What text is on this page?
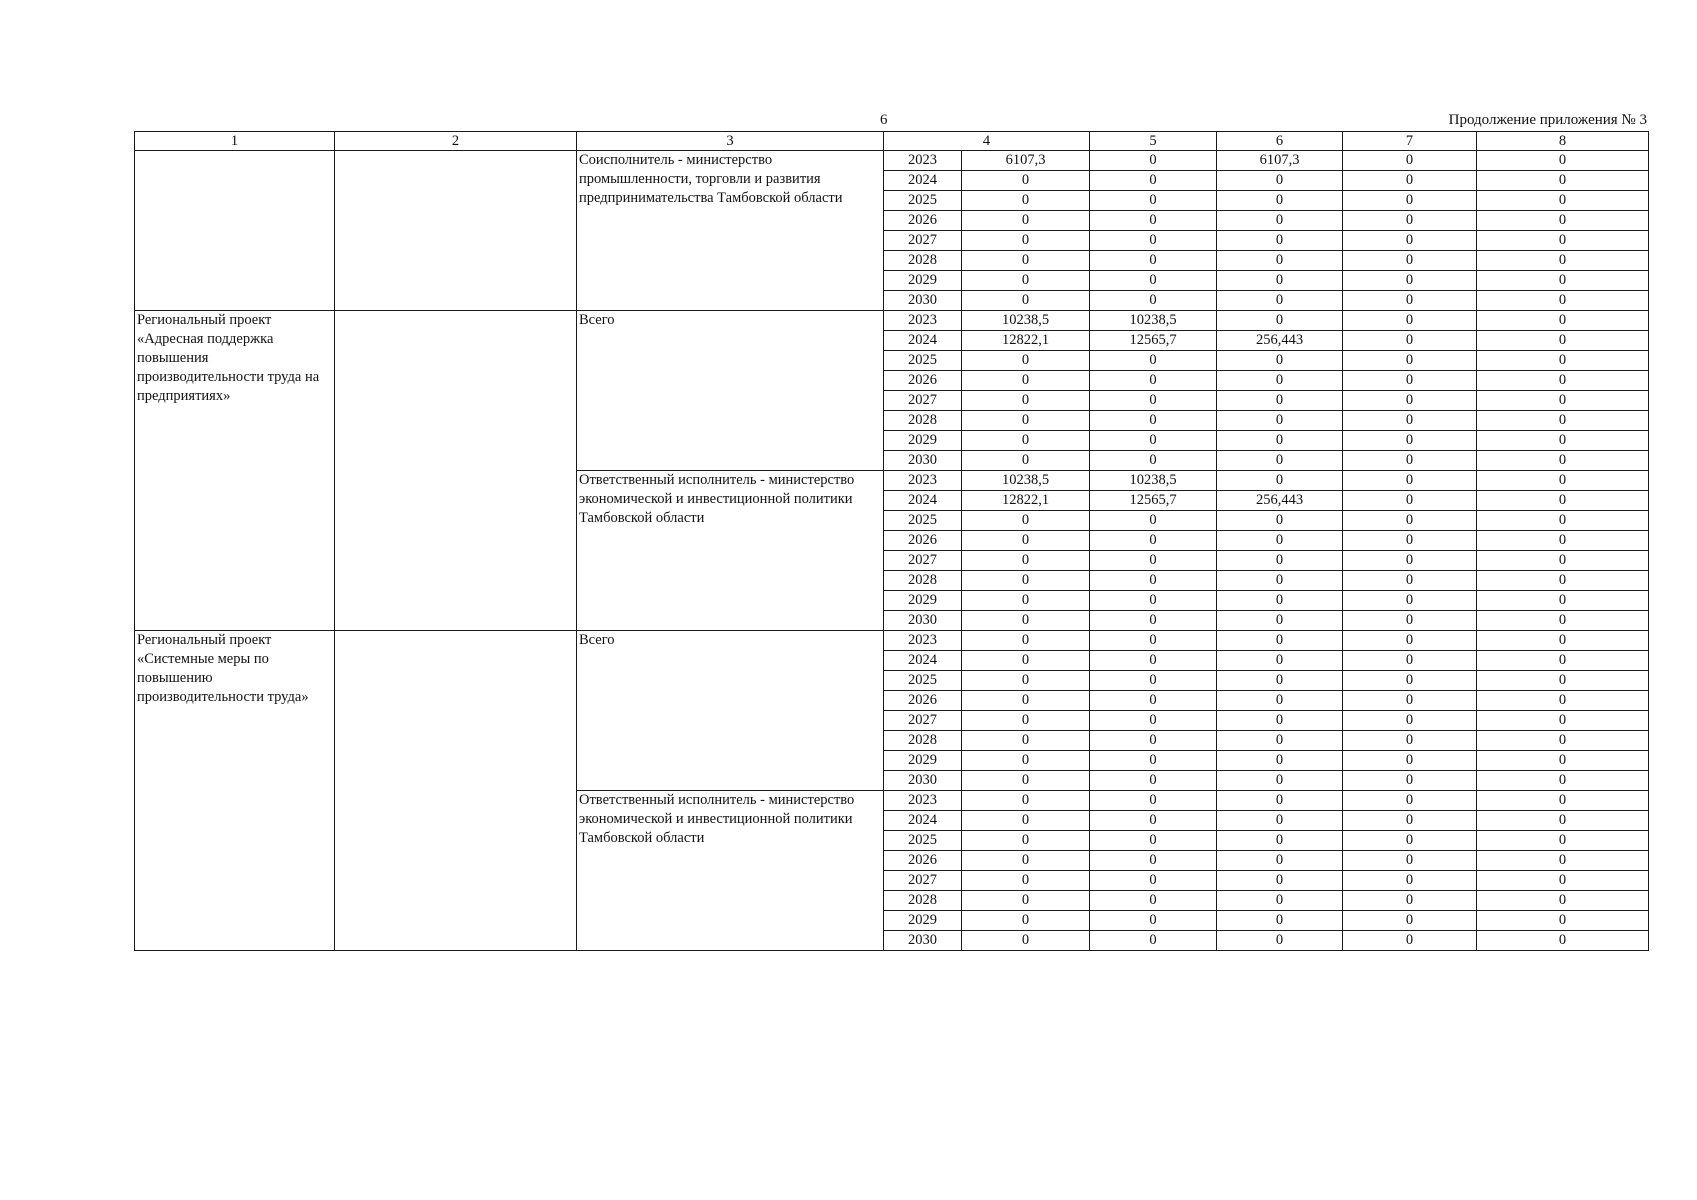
6	Продолжение приложения № 3
1	2	3	4		5	6	7	8
		Соисполнитель - министерство промышленности, торговли и развития предпринимательства Тамбовской области	2023	6107,3	0	6107,3	0	0
			2024	0	0	0	0	0
			2025	0	0	0	0	0
			2026	0	0	0	0	0
			2027	0	0	0	0	0
			2028	0	0	0	0	0
			2029	0	0	0	0	0
			2030	0	0	0	0	0
Региональный проект «Адресная поддержка повышения производительности труда на предприятиях»		Всего	2023	10238,5	10238,5	0	0	0
			2024	12822,1	12565,7	256,443	0	0
			2025	0	0	0	0	0
			2026	0	0	0	0	0
			2027	0	0	0	0	0
			2028	0	0	0	0	0
			2029	0	0	0	0	0
			2030	0	0	0	0	0
		Ответственный исполнитель - министерство экономической и инвестиционной политики Тамбовской области	2023	10238,5	10238,5	0	0	0
			2024	12822,1	12565,7	256,443	0	0
			2025	0	0	0	0	0
			2026	0	0	0	0	0
			2027	0	0	0	0	0
			2028	0	0	0	0	0
			2029	0	0	0	0	0
			2030	0	0	0	0	0
Региональный проект «Системные меры по повышению производительности труда»		Всего	2023	0	0	0	0	0
			2024	0	0	0	0	0
			2025	0	0	0	0	0
			2026	0	0	0	0	0
			2027	0	0	0	0	0
			2028	0	0	0	0	0
			2029	0	0	0	0	0
			2030	0	0	0	0	0
		Ответственный исполнитель - министерство экономической и инвестиционной политики Тамбовской области	2023	0	0	0	0	0
			2024	0	0	0	0	0
			2025	0	0	0	0	0
			2026	0	0	0	0	0
			2027	0	0	0	0	0
			2028	0	0	0	0	0
			2029	0	0	0	0	0
			2030	0	0	0	0	0
